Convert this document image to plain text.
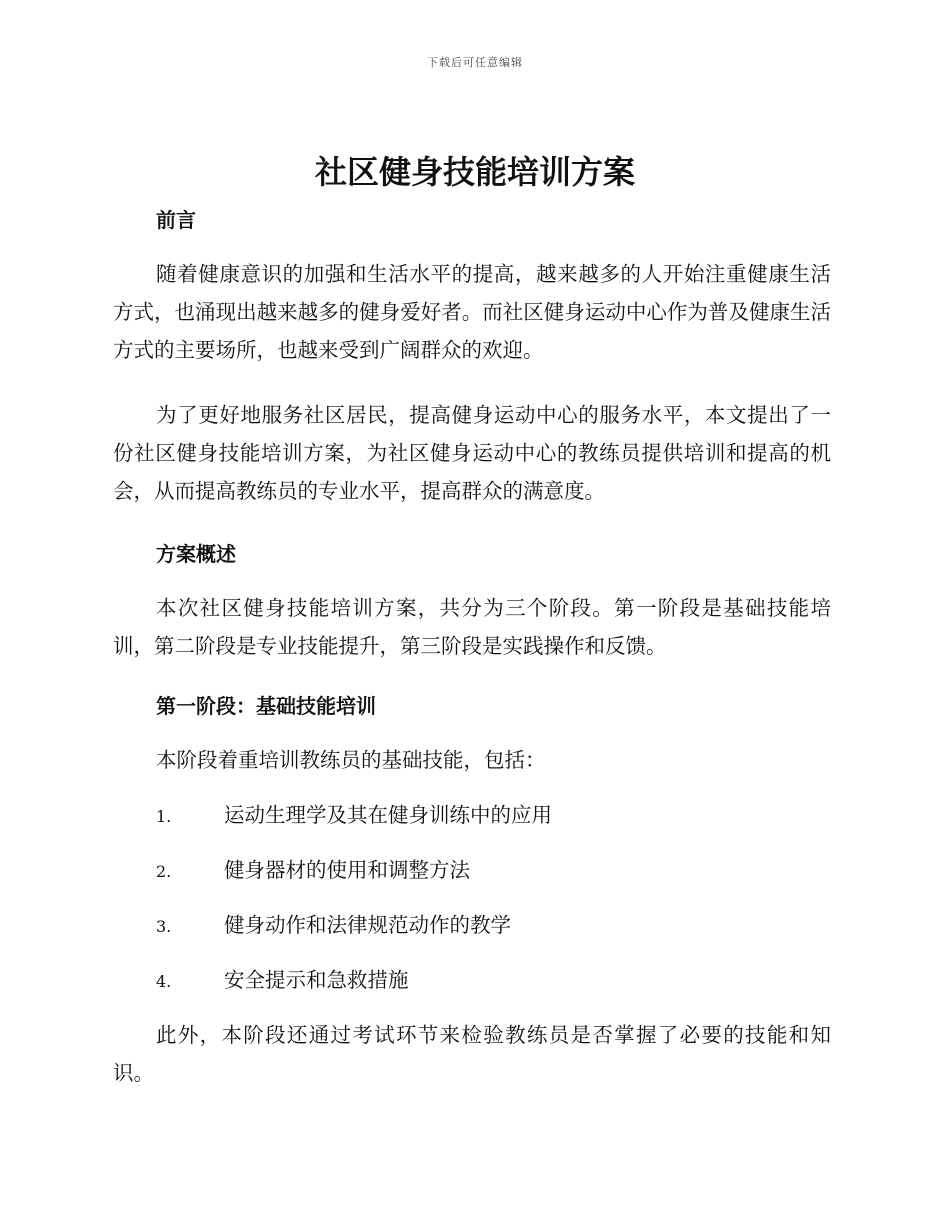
下载后可任意编辑
社区健身技能培训方案
前言

随着健康意识的加强和生活水平的提高，越来越多的人开始注重健康生活方式，也涌现出越来越多的健身爱好者。而社区健身运动中心作为普及健康生活方式的主要场所，也越来受到广阔群众的欢迎。

为了更好地服务社区居民，提高健身运动中心的服务水平，本文提出了一份社区健身技能培训方案，为社区健身运动中心的教练员提供培训和提高的机会，从而提高教练员的专业水平，提高群众的满意度。

方案概述

本次社区健身技能培训方案，共分为三个阶段。第一阶段是基础技能培训，第二阶段是专业技能提升，第三阶段是实践操作和反馈。

第一阶段：基础技能培训

本阶段着重培训教练员的基础技能，包括：

1.	运动生理学及其在健身训练中的应用
2.	健身器材的使用和调整方法
3.	健身动作和法律规范动作的教学
4.	安全提示和急救措施

此外，本阶段还通过考试环节来检验教练员是否掌握了必要的技能和知识。
